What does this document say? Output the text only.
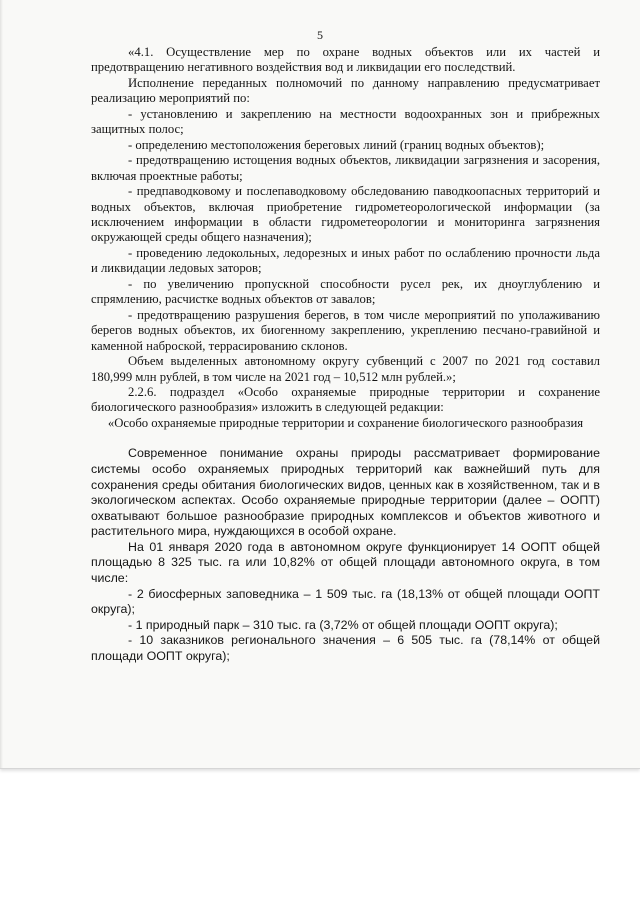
5

«4.1. Осуществление мер по охране водных объектов или их частей и предотвращению негативного воздействия вод и ликвидации его последствий.

Исполнение переданных полномочий по данному направлению предусматривает реализацию мероприятий по:

- установлению и закреплению на местности водоохранных зон и прибрежных защитных полос;

- определению местоположения береговых линий (границ водных объектов);

- предотвращению истощения водных объектов, ликвидации загрязнения и засорения, включая проектные работы;

- предпаводковому и послепаводковому обследованию паводкоопасных территорий и водных объектов, включая приобретение гидрометеорологической информации (за исключением информации в области гидрометеорологии и мониторинга загрязнения окружающей среды общего назначения);

- проведению ледокольных, ледорезных и иных работ по ослаблению прочности льда и ликвидации ледовых заторов;

- по увеличению пропускной способности русел рек, их дноуглублению и спрямлению, расчистке водных объектов от завалов;

- предотвращению разрушения берегов, в том числе мероприятий по уполаживанию берегов водных объектов, их биогенному закреплению, укреплению песчано-гравийной и каменной наброской, террасированию склонов.

Объем выделенных автономному округу субвенций с 2007 по 2021 год составил 180,999 млн рублей, в том числе на 2021 год – 10,512 млн рублей.»;

2.2.6. подраздел «Особо охраняемые природные территории и сохранение биологического разнообразия» изложить в следующей редакции:

«Особо охраняемые природные территории и сохранение биологического разнообразия

Современное понимание охраны природы рассматривает формирование системы особо охраняемых природных территорий как важнейший путь для сохранения среды обитания биологических видов, ценных как в хозяйственном, так и в экологическом аспектах. Особо охраняемые природные территории (далее – ООПТ) охватывают большое разнообразие природных комплексов и объектов животного и растительного мира, нуждающихся в особой охране.

На 01 января 2020 года в автономном округе функционирует 14 ООПТ общей площадью 8 325 тыс. га или 10,82% от общей площади автономного округа, в том числе:

- 2 биосферных заповедника – 1 509 тыс. га (18,13% от общей площади ООПТ округа);

- 1 природный парк – 310 тыс. га (3,72% от общей площади ООПТ округа);

- 10 заказников регионального значения – 6 505 тыс. га (78,14% от общей площади ООПТ округа);
